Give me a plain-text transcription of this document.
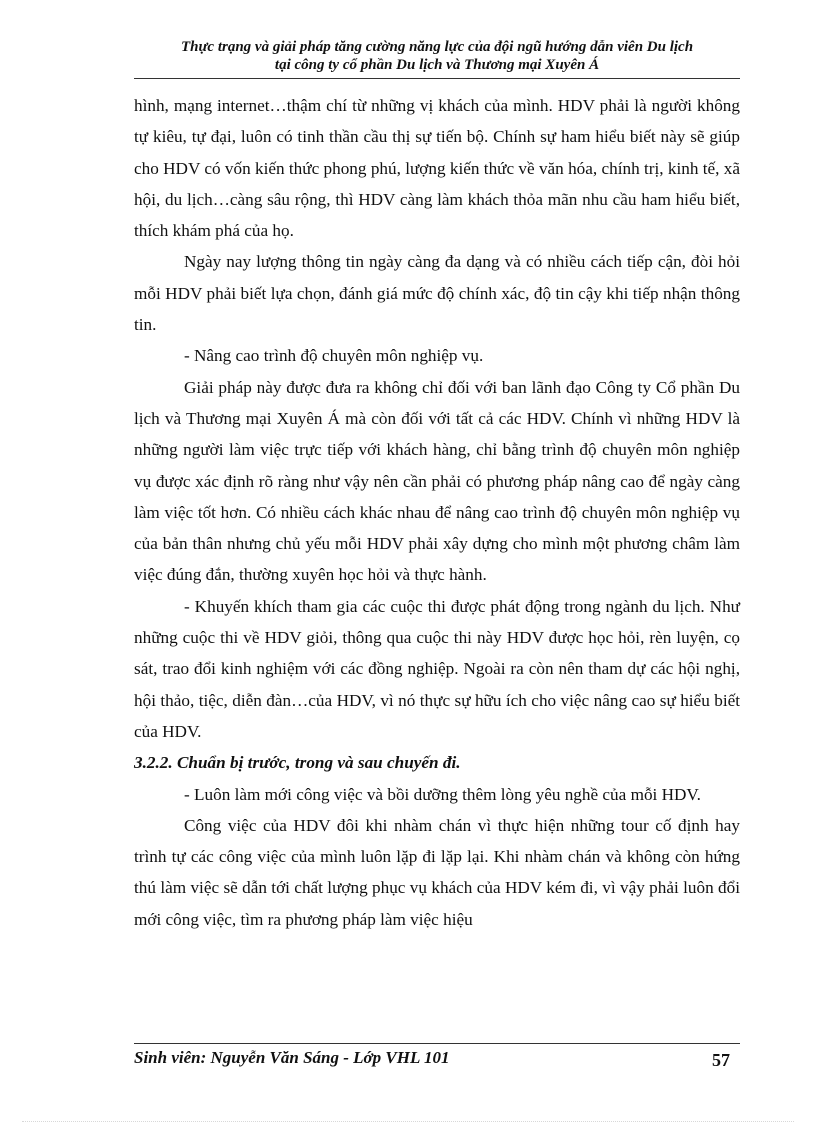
Thực trạng và giải pháp tăng cường năng lực của đội ngũ hướng dẫn viên Du lịch
tại công ty cổ phần Du lịch và Thương mại Xuyên Á

hình, mạng internet…thậm chí từ những vị khách của mình. HDV phải là người không tự kiêu, tự đại, luôn có tinh thần cầu thị sự tiến bộ. Chính sự ham hiểu biết này sẽ giúp cho HDV có vốn kiến thức phong phú, lượng kiến thức về văn hóa, chính trị, kinh tế, xã hội, du lịch…càng sâu rộng, thì HDV càng làm khách thỏa mãn nhu cầu ham hiểu biết, thích khám phá của họ.

Ngày nay lượng thông tin ngày càng đa dạng và có nhiều cách tiếp cận, đòi hỏi mỗi HDV phải biết lựa chọn, đánh giá mức độ chính xác, độ tin cậy khi tiếp nhận thông tin.

- Nâng cao trình độ chuyên môn nghiệp vụ.

Giải pháp này được đưa ra không chỉ đối với ban lãnh đạo Công ty Cổ phần Du lịch và Thương mại Xuyên Á mà còn đối với tất cả các HDV. Chính vì những HDV là những người làm việc trực tiếp với khách hàng, chỉ bằng trình độ chuyên môn nghiệp vụ được xác định rõ ràng như vậy nên cần phải có phương pháp nâng cao để ngày càng làm việc tốt hơn. Có nhiều cách khác nhau để nâng cao trình độ chuyên môn nghiệp vụ của bản thân nhưng chủ yếu mỗi HDV phải xây dựng cho mình một phương châm làm việc đúng đắn, thường xuyên học hỏi và thực hành.

- Khuyến khích tham gia các cuộc thi được phát động trong ngành du lịch. Như những cuộc thi về HDV giỏi, thông qua cuộc thi này HDV được học hỏi, rèn luyện, cọ sát, trao đổi kinh nghiệm với các đồng nghiệp. Ngoài ra còn nên tham dự các hội nghị, hội thảo, tiệc, diễn đàn…của HDV, vì nó thực sự hữu ích cho việc nâng cao sự hiểu biết của HDV.

3.2.2. Chuẩn bị trước, trong và sau chuyến đi.

- Luôn làm mới công việc và bồi dưỡng thêm lòng yêu nghề của mỗi HDV.

Công việc của HDV đôi khi nhàm chán vì thực hiện những tour cố định hay trình tự các công việc của mình luôn lặp đi lặp lại. Khi nhàm chán và không còn hứng thú làm việc sẽ dẫn tới chất lượng phục vụ khách của HDV kém đi, vì vậy phải luôn đổi mới công việc, tìm ra phương pháp làm việc hiệu

Sinh viên: Nguyễn Văn Sáng - Lớp VHL 101	57
